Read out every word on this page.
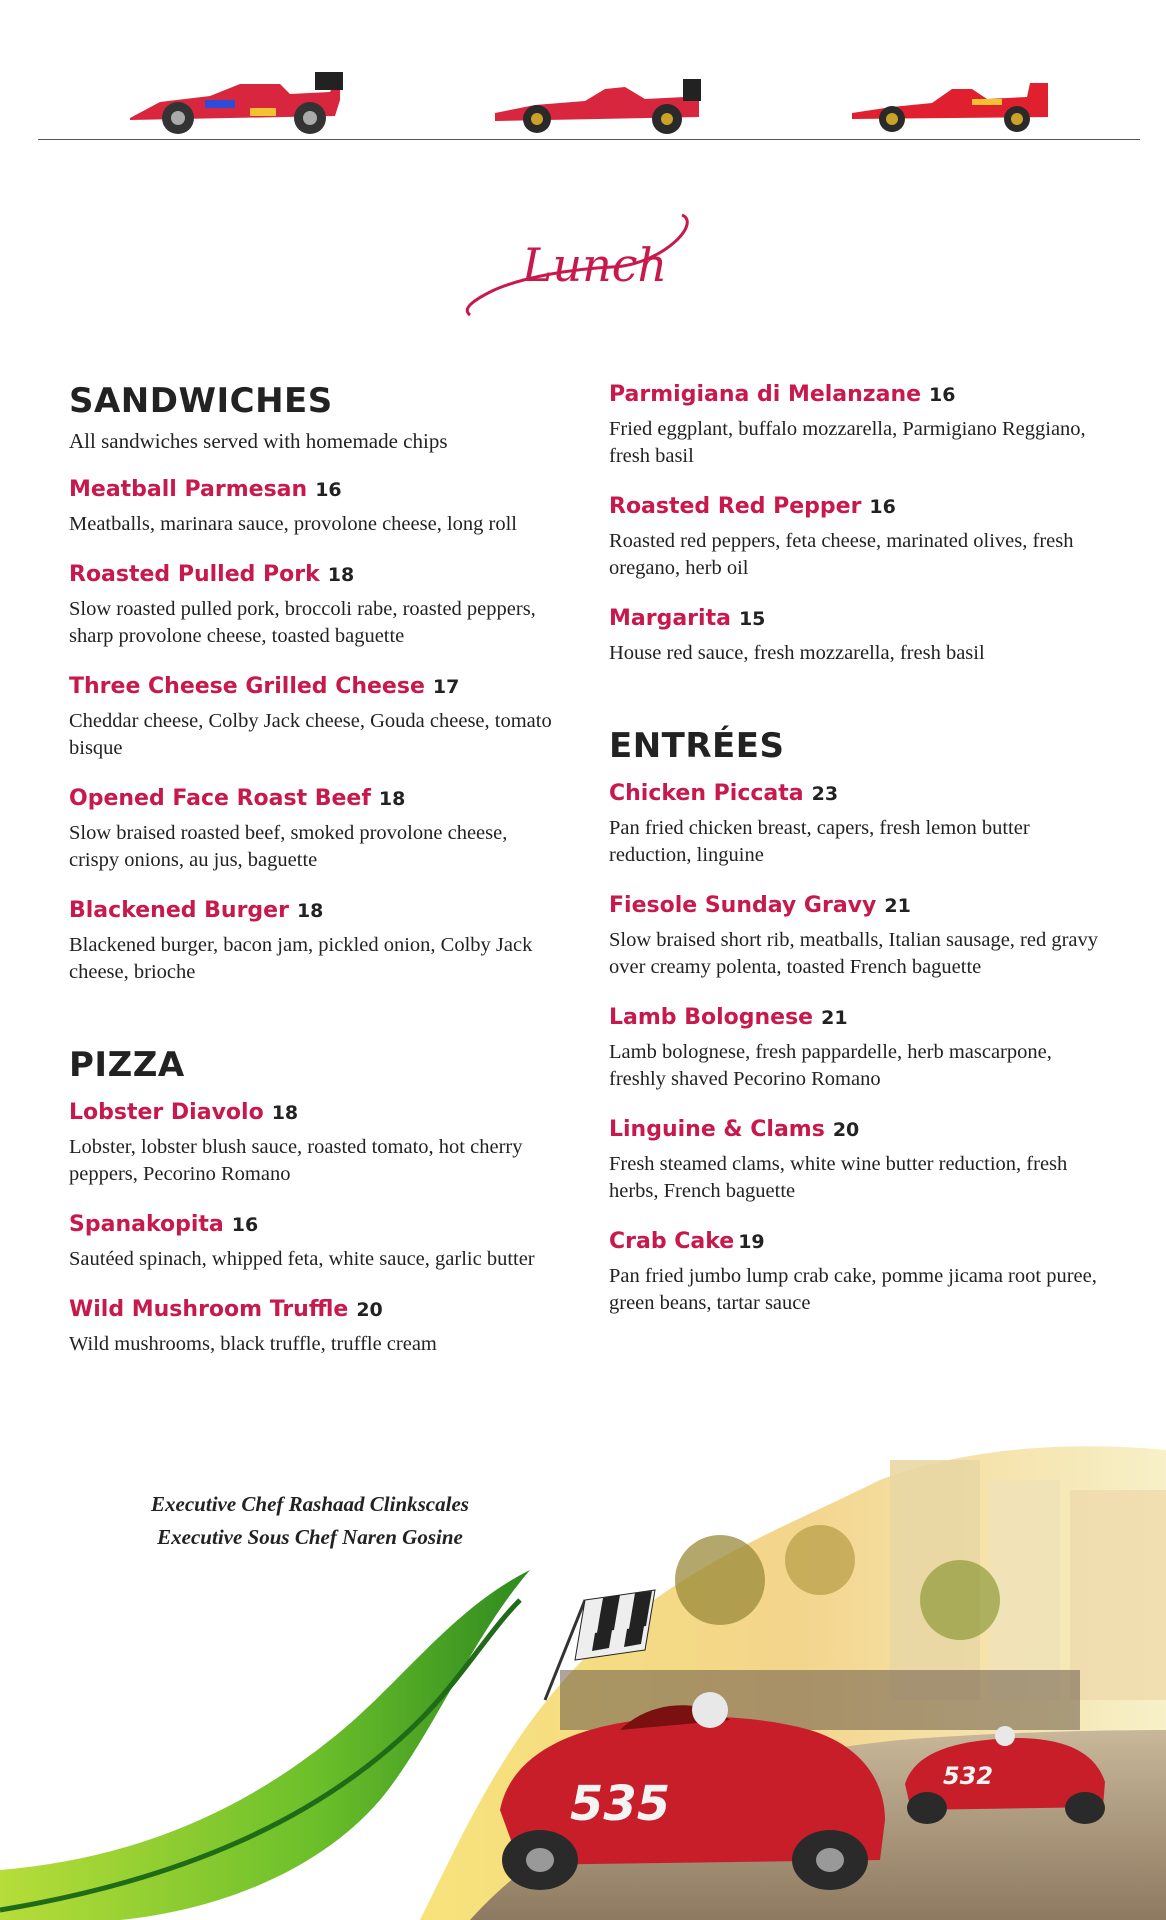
Lunch
SANDWICHES
All sandwiches served with homemade chips
Meatball Parmesan 16
Meatballs, marinara sauce, provolone cheese, long roll
Roasted Pulled Pork 18
Slow roasted pulled pork, broccoli rabe, roasted peppers, sharp provolone cheese, toasted baguette
Three Cheese Grilled Cheese 17
Cheddar cheese, Colby Jack cheese, Gouda cheese, tomato bisque
Opened Face Roast Beef 18
Slow braised roasted beef, smoked provolone cheese, crispy onions, au jus, baguette
Blackened Burger 18
Blackened burger, bacon jam, pickled onion, Colby Jack cheese, brioche
PIZZA
Lobster Diavolo 18
Lobster, lobster blush sauce, roasted tomato, hot cherry peppers, Pecorino Romano
Spanakopita 16
Sautéed spinach, whipped feta, white sauce, garlic butter
Wild Mushroom Truffle 20
Wild mushrooms, black truffle, truffle cream
Parmigiana di Melanzane 16
Fried eggplant, buffalo mozzarella, Parmigiano Reggiano, fresh basil
Roasted Red Pepper 16
Roasted red peppers, feta cheese, marinated olives, fresh oregano, herb oil
Margarita 15
House red sauce, fresh mozzarella, fresh basil
ENTRÉES
Chicken Piccata 23
Pan fried chicken breast, capers, fresh lemon butter reduction, linguine
Fiesole Sunday Gravy 21
Slow braised short rib, meatballs, Italian sausage, red gravy over creamy polenta, toasted French baguette
Lamb Bolognese 21
Lamb bolognese, fresh pappardelle, herb mascarpone, freshly shaved Pecorino Romano
Linguine & Clams 20
Fresh steamed clams, white wine butter reduction, fresh herbs, French baguette
Crab Cake 19
Pan fried jumbo lump crab cake, pomme jicama root puree, green beans, tartar sauce
535	532
Executive Chef Rashaad Clinkscales
Executive Sous Chef Naren Gosine
